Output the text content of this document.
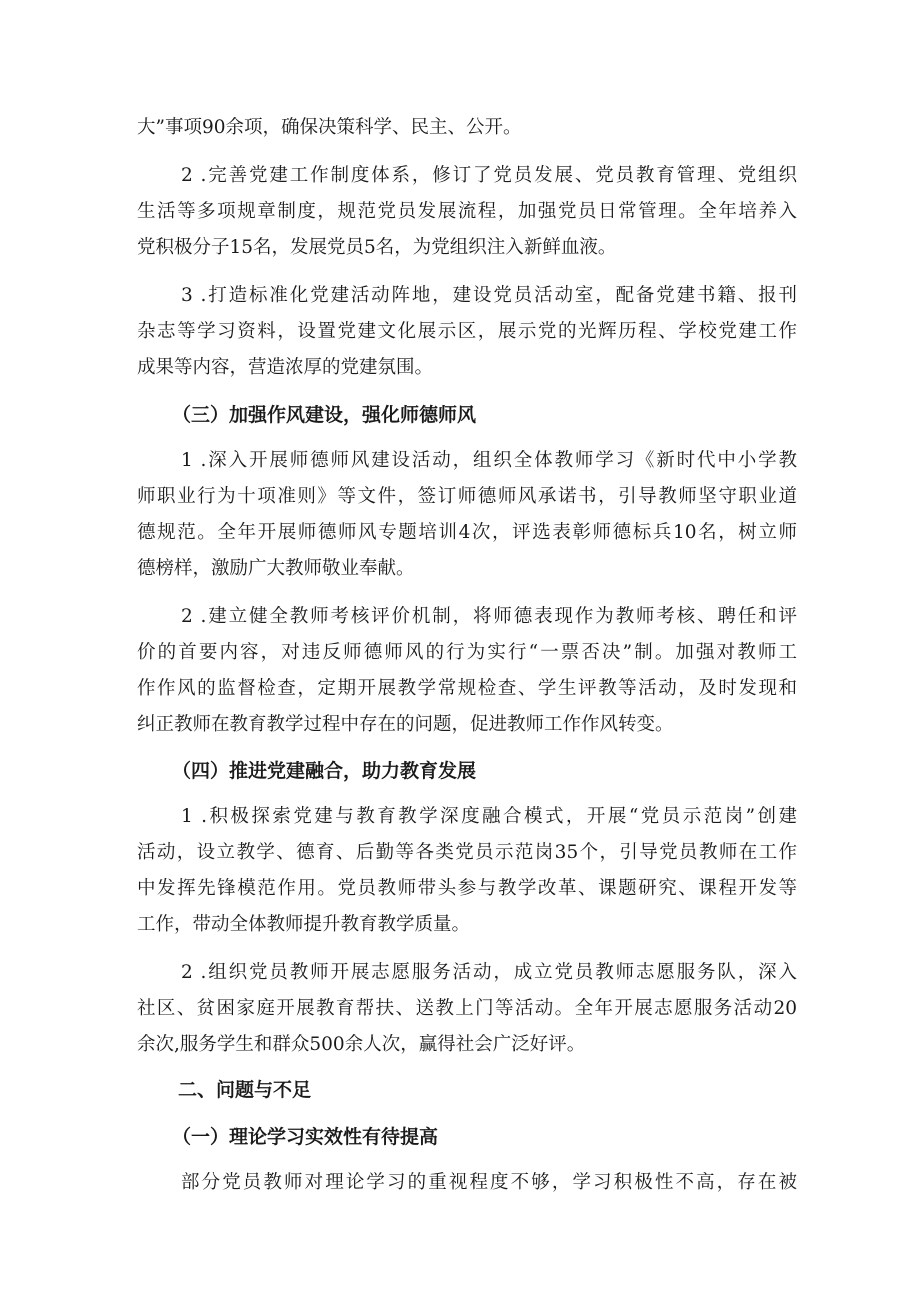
大”事项90余项，确保决策科学、民主、公开。
2 .完善党建工作制度体系，修订了党员发展、党员教育管理、党组织
生活等多项规章制度，规范党员发展流程，加强党员日常管理。全年培养入
党积极分子15名，发展党员5名，为党组织注入新鲜血液。
3 .打造标准化党建活动阵地，建设党员活动室，配备党建书籍、报刊
杂志等学习资料，设置党建文化展示区，展示党的光辉历程、学校党建工作
成果等内容，营造浓厚的党建氛围。
（三）加强作风建设，强化师德师风
1 .深入开展师德师风建设活动，组织全体教师学习《新时代中小学教
师职业行为十项准则》等文件，签订师德师风承诺书，引导教师坚守职业道
德规范。全年开展师德师风专题培训4次，评选表彰师德标兵10名，树立师
德榜样，激励广大教师敬业奉献。
2 .建立健全教师考核评价机制，将师德表现作为教师考核、聘任和评
价的首要内容，对违反师德师风的行为实行“一票否决”制。加强对教师工
作作风的监督检查，定期开展教学常规检查、学生评教等活动，及时发现和
纠正教师在教育教学过程中存在的问题，促进教师工作作风转变。
（四）推进党建融合，助力教育发展
1 .积极探索党建与教育教学深度融合模式，开展“党员示范岗”创建
活动，设立教学、德育、后勤等各类党员示范岗35个，引导党员教师在工作
中发挥先锋模范作用。党员教师带头参与教学改革、课题研究、课程开发等
工作，带动全体教师提升教育教学质量。
2 .组织党员教师开展志愿服务活动，成立党员教师志愿服务队，深入
社区、贫困家庭开展教育帮扶、送教上门等活动。全年开展志愿服务活动20
余次,服务学生和群众500余人次，赢得社会广泛好评。
二、问题与不足
（一）理论学习实效性有待提高
部分党员教师对理论学习的重视程度不够，学习积极性不高，存在被
